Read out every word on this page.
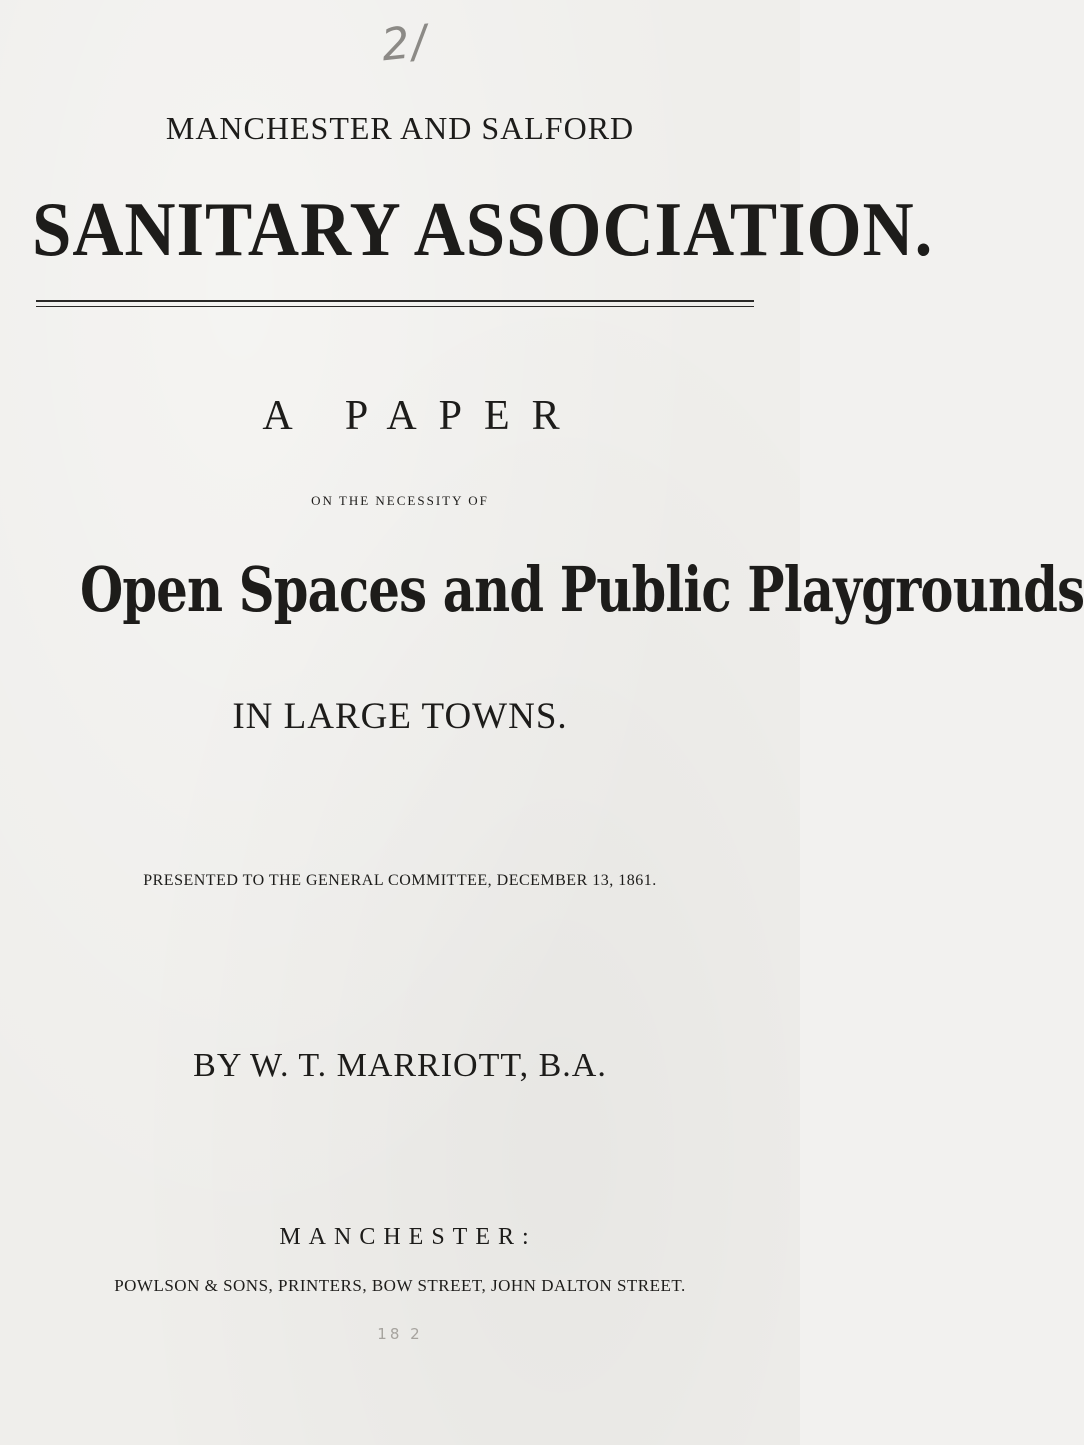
2/
MANCHESTER AND SALFORD
SANITARY ASSOCIATION.
A PAPER
ON THE NECESSITY OF
Open Spaces and Public Playgrounds
IN LARGE TOWNS.
PRESENTED TO THE GENERAL COMMITTEE, DECEMBER 13, 1861.
BY W. T. MARRIOTT, B.A.
MANCHESTER:
POWLSON & SONS, PRINTERS, BOW STREET, JOHN DALTON STREET.
18 2
